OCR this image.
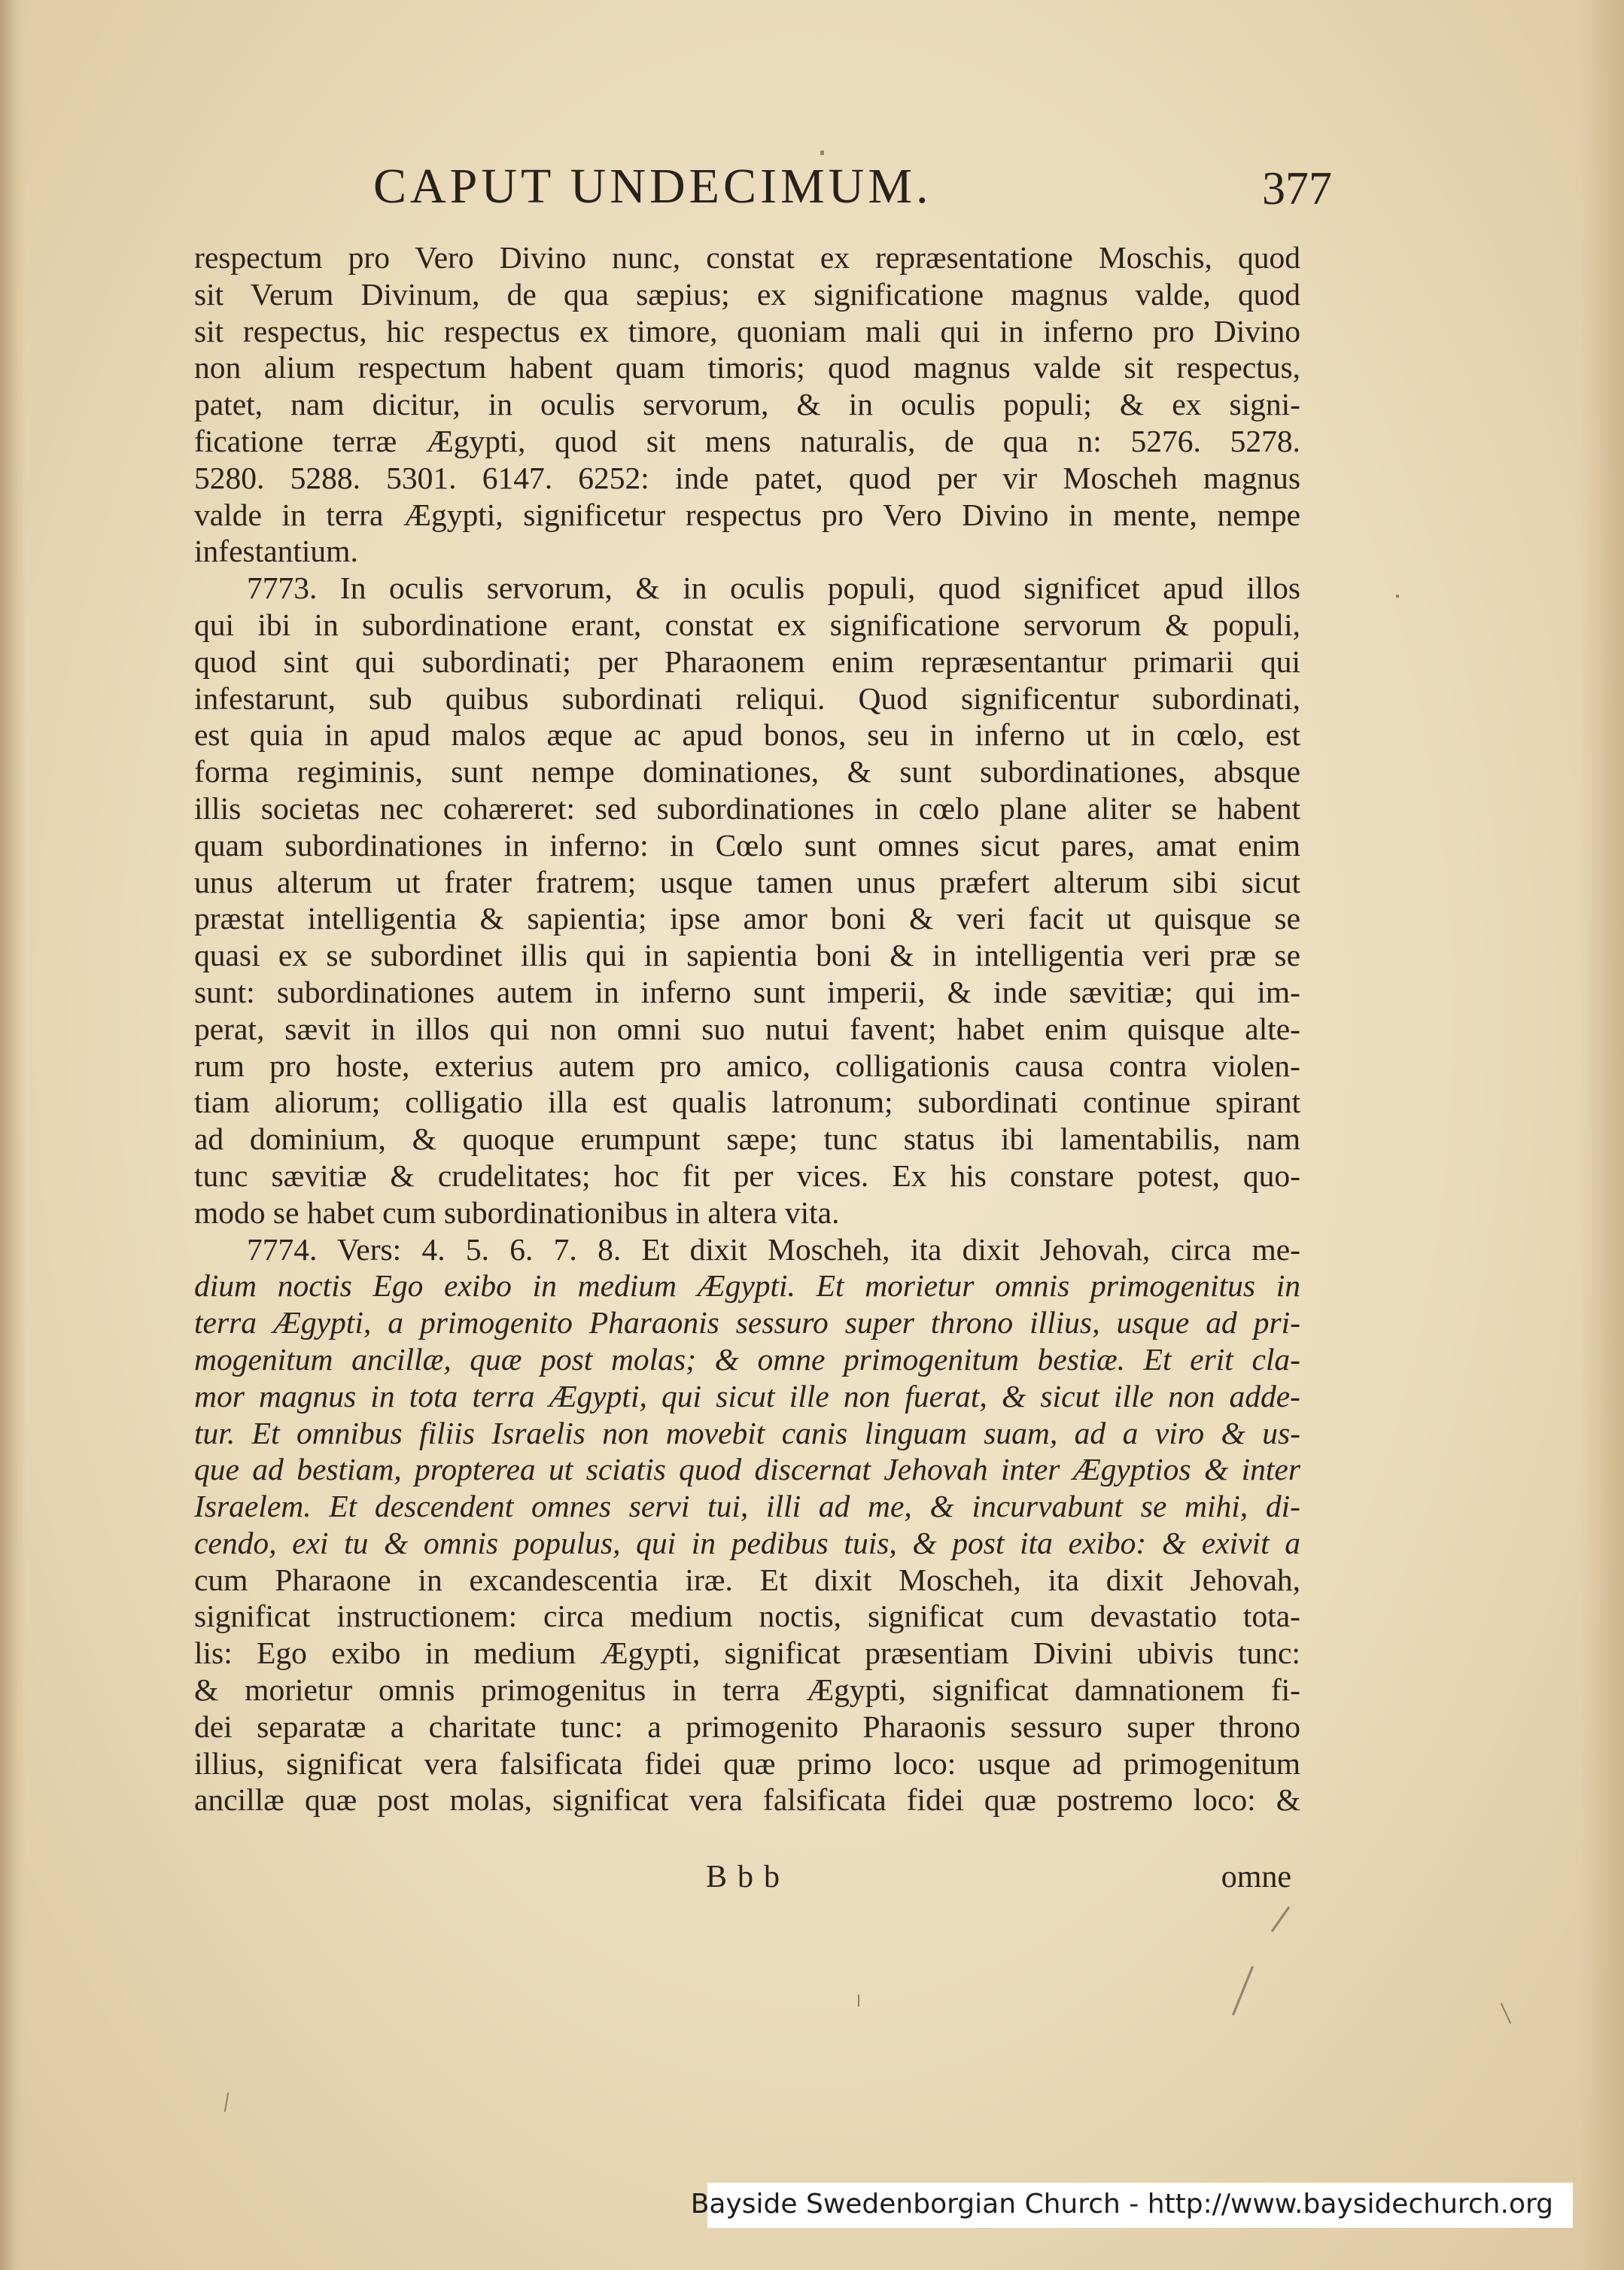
CAPUT UNDECIMUM.	377
respectum pro Vero Divino nunc, constat ex repræsentatione Moschis, quod
sit Verum Divinum, de qua sæpius; ex significatione magnus valde, quod
sit respectus, hic respectus ex timore, quoniam mali qui in inferno pro Divino
non alium respectum habent quam timoris; quod magnus valde sit respectus,
patet, nam dicitur, in oculis servorum, & in oculis populi; & ex signi-
ficatione terræ Ægypti, quod sit mens naturalis, de qua n: 5276. 5278.
5280. 5288. 5301. 6147. 6252: inde patet, quod per vir Moscheh magnus
valde in terra Ægypti, significetur respectus pro Vero Divino in mente, nempe
infestantium.
7773. In oculis servorum, & in oculis populi, quod significet apud illos
qui ibi in subordinatione erant, constat ex significatione servorum & populi,
quod sint qui subordinati; per Pharaonem enim repræsentantur primarii qui
infestarunt, sub quibus subordinati reliqui. Quod significentur subordinati,
est quia in apud malos æque ac apud bonos, seu in inferno ut in cœlo, est
forma regiminis, sunt nempe dominationes, & sunt subordinationes, absque
illis societas nec cohæreret: sed subordinationes in cœlo plane aliter se habent
quam subordinationes in inferno: in Cœlo sunt omnes sicut pares, amat enim
unus alterum ut frater fratrem; usque tamen unus præfert alterum sibi sicut
præstat intelligentia & sapientia; ipse amor boni & veri facit ut quisque se
quasi ex se subordinet illis qui in sapientia boni & in intelligentia veri præ se
sunt: subordinationes autem in inferno sunt imperii, & inde sævitiæ; qui im-
perat, sævit in illos qui non omni suo nutui favent; habet enim quisque alte-
rum pro hoste, exterius autem pro amico, colligationis causa contra violen-
tiam aliorum; colligatio illa est qualis latronum; subordinati continue spirant
ad dominium, & quoque erumpunt sæpe; tunc status ibi lamentabilis, nam
tunc sævitiæ & crudelitates; hoc fit per vices. Ex his constare potest, quo-
modo se habet cum subordinationibus in altera vita.
7774. Vers: 4. 5. 6. 7. 8. Et dixit Moscheh, ita dixit Jehovah, circa me-
dium noctis Ego exibo in medium Ægypti. Et morietur omnis primogenitus in
terra Ægypti, a primogenito Pharaonis sessuro super throno illius, usque ad pri-
mogenitum ancillæ, quæ post molas; & omne primogenitum bestiæ. Et erit cla-
mor magnus in tota terra Ægypti, qui sicut ille non fuerat, & sicut ille non adde-
tur. Et omnibus filiis Israelis non movebit canis linguam suam, ad a viro & us-
que ad bestiam, propterea ut sciatis quod discernat Jehovah inter Ægyptios & inter
Israelem. Et descendent omnes servi tui, illi ad me, & incurvabunt se mihi, di-
cendo, exi tu & omnis populus, qui in pedibus tuis, & post ita exibo: & exivit a
cum Pharaone in excandescentia iræ. Et dixit Moscheh, ita dixit Jehovah,
significat instructionem: circa medium noctis, significat cum devastatio tota-
lis: Ego exibo in medium Ægypti, significat præsentiam Divini ubivis tunc:
& morietur omnis primogenitus in terra Ægypti, significat damnationem fi-
dei separatæ a charitate tunc: a primogenito Pharaonis sessuro super throno
illius, significat vera falsificata fidei quæ primo loco: usque ad primogenitum
ancillæ quæ post molas, significat vera falsificata fidei quæ postremo loco: &
Bbb	omne
Bayside Swedenborgian Church - http://www.baysidechurch.org
